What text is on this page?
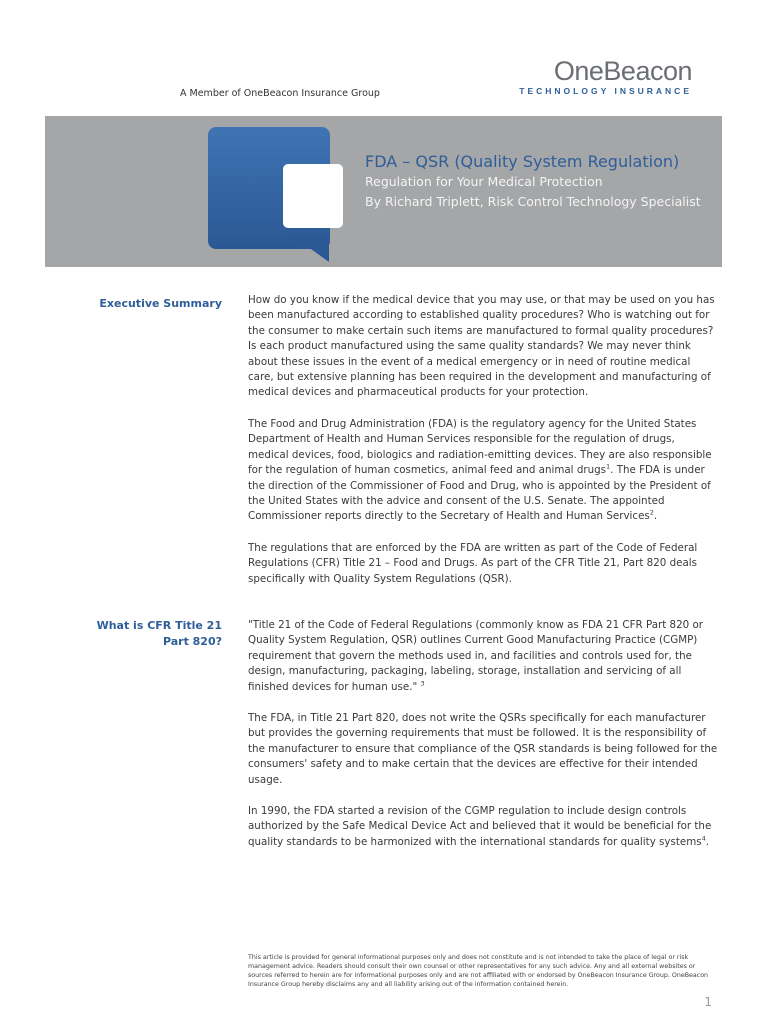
A Member of OneBeacon Insurance Group
OneBeacon
TECHNOLOGY INSURANCE
FDA – QSR (Quality System Regulation)
Regulation for Your Medical Protection
By Richard Triplett, Risk Control Technology Specialist
Executive Summary	How do you know if the medical device that you may use, or that may be used on you has been manufactured according to established quality procedures? Who is watching out for the consumer to make certain such items are manufactured to formal quality procedures? Is each product manufactured using the same quality standards? We may never think about these issues in the event of a medical emergency or in need of routine medical care, but extensive planning has been required in the development and manufacturing of medical devices and pharmaceutical products for your protection.
The Food and Drug Administration (FDA) is the regulatory agency for the United States Department of Health and Human Services responsible for the regulation of drugs, medical devices, food, biologics and radiation-emitting devices. They are also responsible for the regulation of human cosmetics, animal feed and animal drugs$^1$. The FDA is under the direction of the Commissioner of Food and Drug, who is appointed by the President of the United States with the advice and consent of the U.S. Senate. The appointed Commissioner reports directly to the Secretary of Health and Human Services$^2$.
The regulations that are enforced by the FDA are written as part of the Code of Federal Regulations (CFR) Title 21 – Food and Drugs. As part of the CFR Title 21, Part 820 deals specifically with Quality System Regulations (QSR).
What is CFR Title 21
Part 820?
"Title 21 of the Code of Federal Regulations (commonly know as FDA 21 CFR Part 820 or Quality System Regulation, QSR) outlines Current Good Manufacturing Practice (CGMP) requirement that govern the methods used in, and facilities and controls used for, the design, manufacturing, packaging, labeling, storage, installation and servicing of all finished devices for human use." $^3$
The FDA, in Title 21 Part 820, does not write the QSRs specifically for each manufacturer but provides the governing requirements that must be followed. It is the responsibility of the manufacturer to ensure that compliance of the QSR standards is being followed for the consumers' safety and to make certain that the devices are effective for their intended usage.
In 1990, the FDA started a revision of the CGMP regulation to include design controls authorized by the Safe Medical Device Act and believed that it would be beneficial for the quality standards to be harmonized with the international standards for quality systems$^4$.
This article is provided for general informational purposes only and does not constitute and is not intended to take the place of legal or risk management advice. Readers should consult their own counsel or other representatives for any such advice. Any and all external websites or sources referred to herein are for informational purposes only and are not affiliated with or endorsed by OneBeacon Insurance Group. OneBeacon Insurance Group hereby disclaims any and all liability arising out of the information contained herein.
1
